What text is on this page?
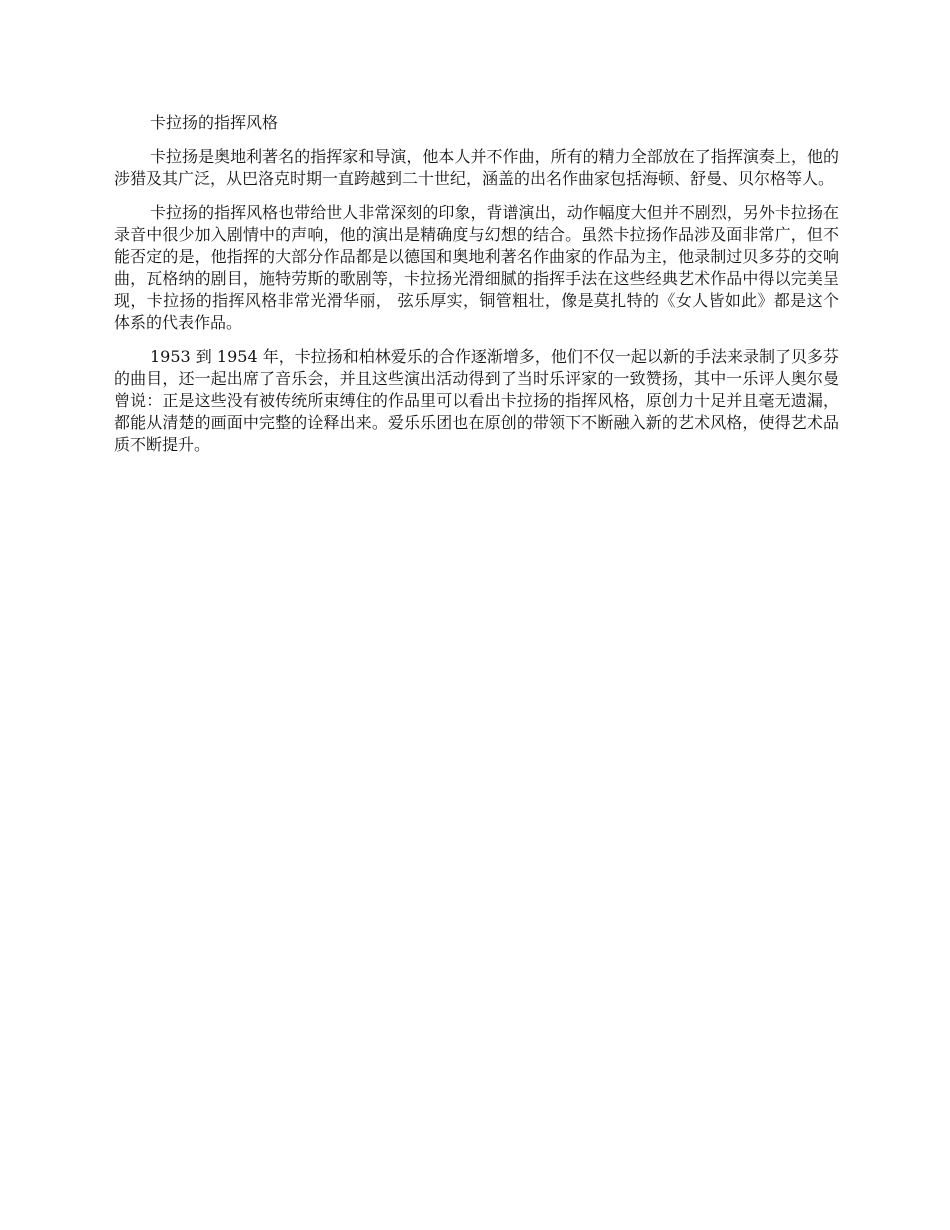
卡拉扬的指挥风格

卡拉扬是奥地利著名的指挥家和导演，他本人并不作曲，所有的精力全部放在了指挥演奏上，他的涉猎及其广泛，从巴洛克时期一直跨越到二十世纪，涵盖的出名作曲家包括海顿、舒曼、贝尔格等人。

卡拉扬的指挥风格也带给世人非常深刻的印象，背谱演出，动作幅度大但并不剧烈，另外卡拉扬在录音中很少加入剧情中的声响，他的演出是精确度与幻想的结合。虽然卡拉扬作品涉及面非常广，但不能否定的是，他指挥的大部分作品都是以德国和奥地利著名作曲家的作品为主，他录制过贝多芬的交响曲，瓦格纳的剧目，施特劳斯的歌剧等，卡拉扬光滑细腻的指挥手法在这些经典艺术作品中得以完美呈现，卡拉扬的指挥风格非常光滑华丽， 弦乐厚实，铜管粗壮，像是莫扎特的《女人皆如此》都是这个体系的代表作品。

1953 到 1954 年，卡拉扬和柏林爱乐的合作逐渐增多，他们不仅一起以新的手法来录制了贝多芬的曲目，还一起出席了音乐会，并且这些演出活动得到了当时乐评家的一致赞扬，其中一乐评人奥尔曼曾说：正是这些没有被传统所束缚住的作品里可以看出卡拉扬的指挥风格，原创力十足并且毫无遗漏，都能从清楚的画面中完整的诠释出来。爱乐乐团也在原创的带领下不断融入新的艺术风格，使得艺术品质不断提升。
